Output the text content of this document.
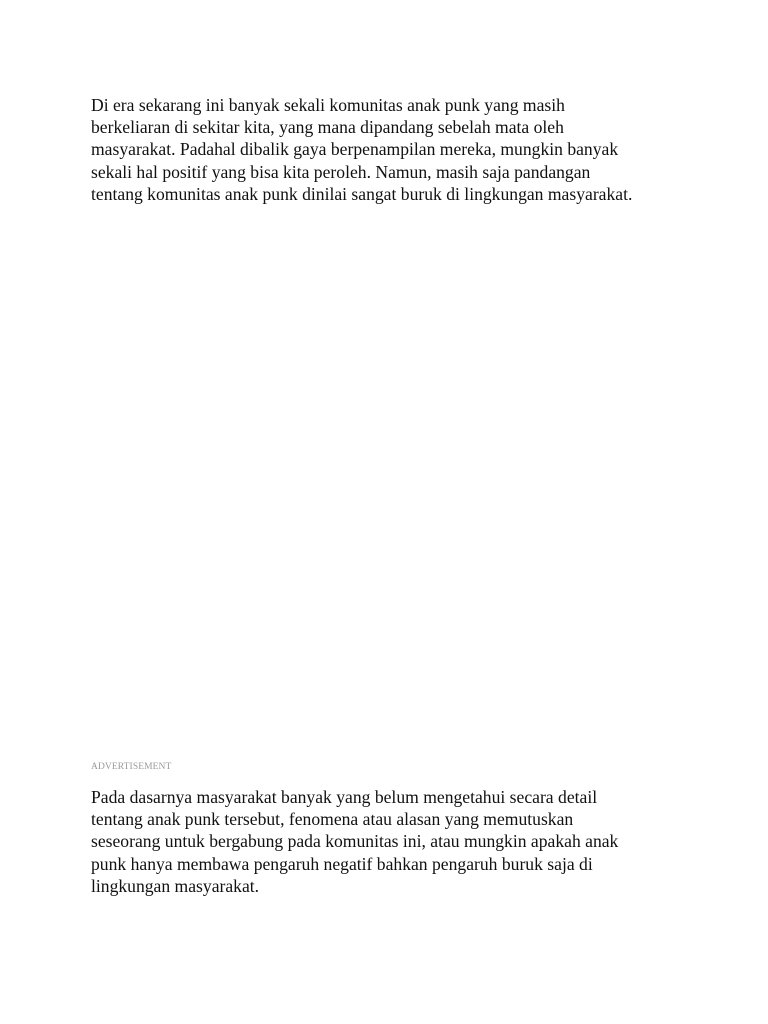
Di era sekarang ini banyak sekali komunitas anak punk yang masih
berkeliaran di sekitar kita, yang mana dipandang sebelah mata oleh
masyarakat. Padahal dibalik gaya berpenampilan mereka, mungkin banyak
sekali hal positif yang bisa kita peroleh. Namun, masih saja pandangan
tentang komunitas anak punk dinilai sangat buruk di lingkungan masyarakat.

ADVERTISEMENT

Pada dasarnya masyarakat banyak yang belum mengetahui secara detail
tentang anak punk tersebut, fenomena atau alasan yang memutuskan
seseorang untuk bergabung pada komunitas ini, atau mungkin apakah anak
punk hanya membawa pengaruh negatif bahkan pengaruh buruk saja di
lingkungan masyarakat.
